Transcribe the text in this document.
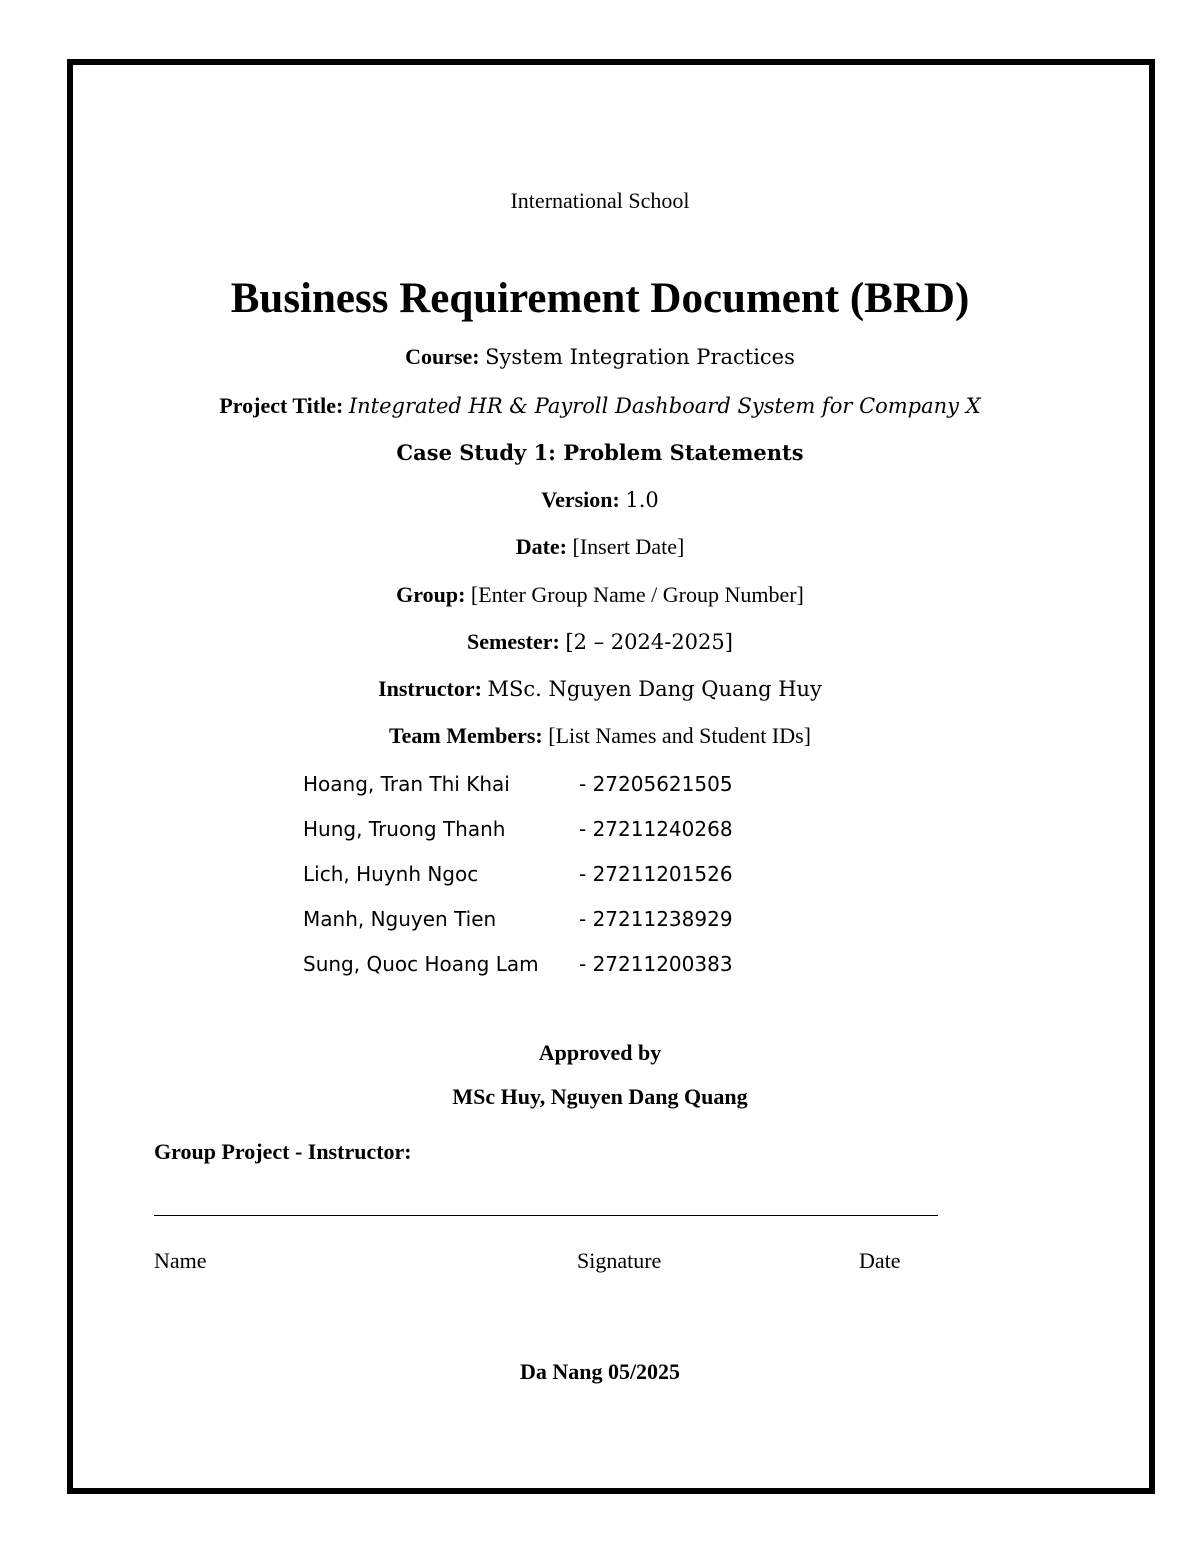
International School
Business Requirement Document (BRD)
Course: System Integration Practices
Project Title: Integrated HR & Payroll Dashboard System for Company X
Case Study 1: Problem Statements
Version: 1.0
Date: [Insert Date]
Group: [Enter Group Name / Group Number]
Semester: [2 – 2024-2025]
Instructor: MSc. Nguyen Dang Quang Huy
Team Members: [List Names and Student IDs]
Hoang, Tran Thi Khai	- 27205621505
Hung, Truong Thanh	- 27211240268
Lich, Huynh Ngoc	- 27211201526
Manh, Nguyen Tien	- 27211238929
Sung, Quoc Hoang Lam - 27211200383
Approved by
MSc Huy, Nguyen Dang Quang
Group Project - Instructor:
Name	Signature	Date
Da Nang 05/2025
